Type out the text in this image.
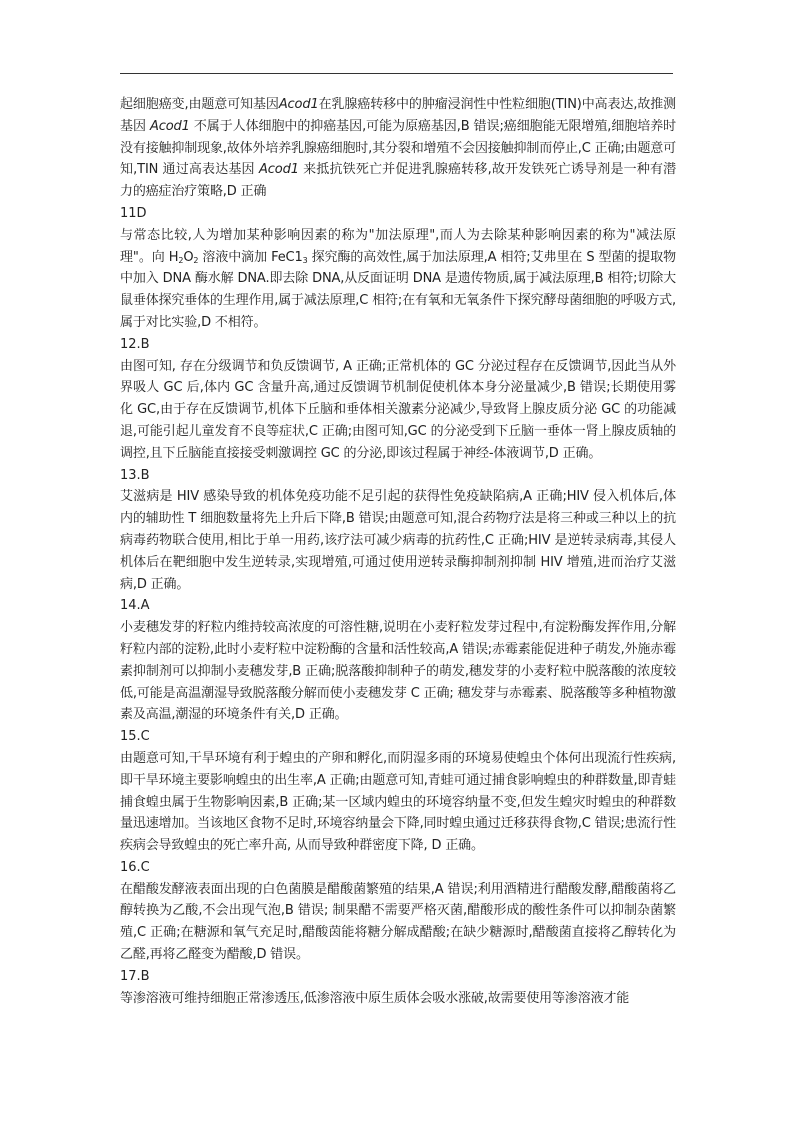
起细胞癌变,由题意可知基因Acod1在乳腺癌转移中的肿瘤浸润性中性粒细胞(TIN)中高表达,故推测基因 Acod1 不属于人体细胞中的抑癌基因,可能为原癌基因,B 错误;癌细胞能无限增殖,细胞培养时没有接触抑制现象,故体外培养乳腺癌细胞时,其分裂和增殖不会因接触抑制而停止,C 正确;由题意可知,TIN 通过高表达基因 Acod1 来抵抗铁死亡并促进乳腺癌转移,故开发铁死亡诱导剂是一种有潜力的癌症治疗策略,D 正确

11D

与常态比较,人为增加某种影响因素的称为"加法原理",而人为去除某种影响因素的称为"减法原理"。向 $H_2O_2$ 溶液中滴加 $FeC1_3$ 探究酶的高效性,属于加法原理,A 相符;艾弗里在 S 型菌的提取物中加入 DNA 酶水解 DNA.即去除 DNA,从反面证明 DNA 是遗传物质,属于减法原理,B 相符;切除大鼠垂体探究垂体的生理作用,属于减法原理,C 相符;在有氧和无氧条件下探究酵母菌细胞的呼吸方式,属于对比实验,D 不相符。

12.B

由图可知, 存在分级调节和负反馈调节, A 正确;正常机体的 GC 分泌过程存在反馈调节,因此当从外界吸人 GC 后,体内 GC 含量升高,通过反馈调节机制促使机体本身分泌量减少,B 错误;长期使用雾化 GC,由于存在反馈调节,机体下丘脑和垂体相关激素分泌减少,导致肾上腺皮质分泌 GC 的功能减退,可能引起儿童发育不良等症状,C 正确;由图可知,GC 的分泌受到下丘脑一垂体一肾上腺皮质轴的调控,且下丘脑能直接接受刺激调控 GC 的分泌,即该过程属于神经-体液调节,D 正确。

13.B

艾滋病是 HIV 感染导致的机体免疫功能不足引起的获得性免疫缺陷病,A 正确;HIV 侵入机体后,体内的辅助性 T 细胞数量将先上升后下降,B 错误;由题意可知,混合药物疗法是将三种或三种以上的抗病毒药物联合使用,相比于单一用药,该疗法可减少病毒的抗药性,C 正确;HIV 是逆转录病毒,其侵人机体后在靶细胞中发生逆转录,实现增殖,可通过使用逆转录酶抑制剂抑制 HIV 增殖,进而治疗艾滋病,D 正确。

14.A

小麦穗发芽的籽粒内维持较高浓度的可溶性糖,说明在小麦籽粒发芽过程中,有淀粉酶发挥作用,分解籽粒内部的淀粉,此时小麦籽粒中淀粉酶的含量和活性较高,A 错误;赤霉素能促进种子萌发,外施赤霉素抑制剂可以抑制小麦穗发芽,B 正确;脱落酸抑制种子的萌发,穗发芽的小麦籽粒中脱落酸的浓度较低,可能是高温潮湿导致脱落酸分解而使小麦穗发芽 C 正确; 穗发芽与赤霉素、脱落酸等多种植物激素及高温,潮湿的环境条件有关,D 正确。

15.C

由题意可知,干旱环境有利于蝗虫的产卵和孵化,而阴湿多雨的环境易使蝗虫个体何出现流行性疾病,即干旱环境主要影响蝗虫的出生率,A 正确;由题意可知,青蛙可通过捕食影响蝗虫的种群数量,即青蛙捕食蝗虫属于生物影响因素,B 正确;某一区域内蝗虫的环境容纳量不变,但发生蝗灾时蝗虫的种群数量迅速增加。当该地区食物不足时,环境容纳量会下降,同时蝗虫通过迁移获得食物,C 错误;患流行性疾病会导致蝗虫的死亡率升高, 从而导致种群密度下降, D 正确。

16.C

在醋酸发酵液表面出现的白色菌膜是醋酸菌繁殖的结果,A 错误;利用酒精进行醋酸发酵,醋酸菌将乙醇转换为乙酸,不会出现气泡,B 错误; 制果醋不需要严格灭菌,醋酸形成的酸性条件可以抑制杂菌繁殖,C 正确;在糖源和氧气充足时,醋酸茵能将糖分解成醋酸;在缺少糖源时,醋酸菌直接将乙醇转化为乙醛,再将乙醛变为醋酸,D 错误。

17.B

等渗溶液可维持细胞正常渗透压,低渗溶液中原生质体会吸水涨破,故需要使用等渗溶液才能
